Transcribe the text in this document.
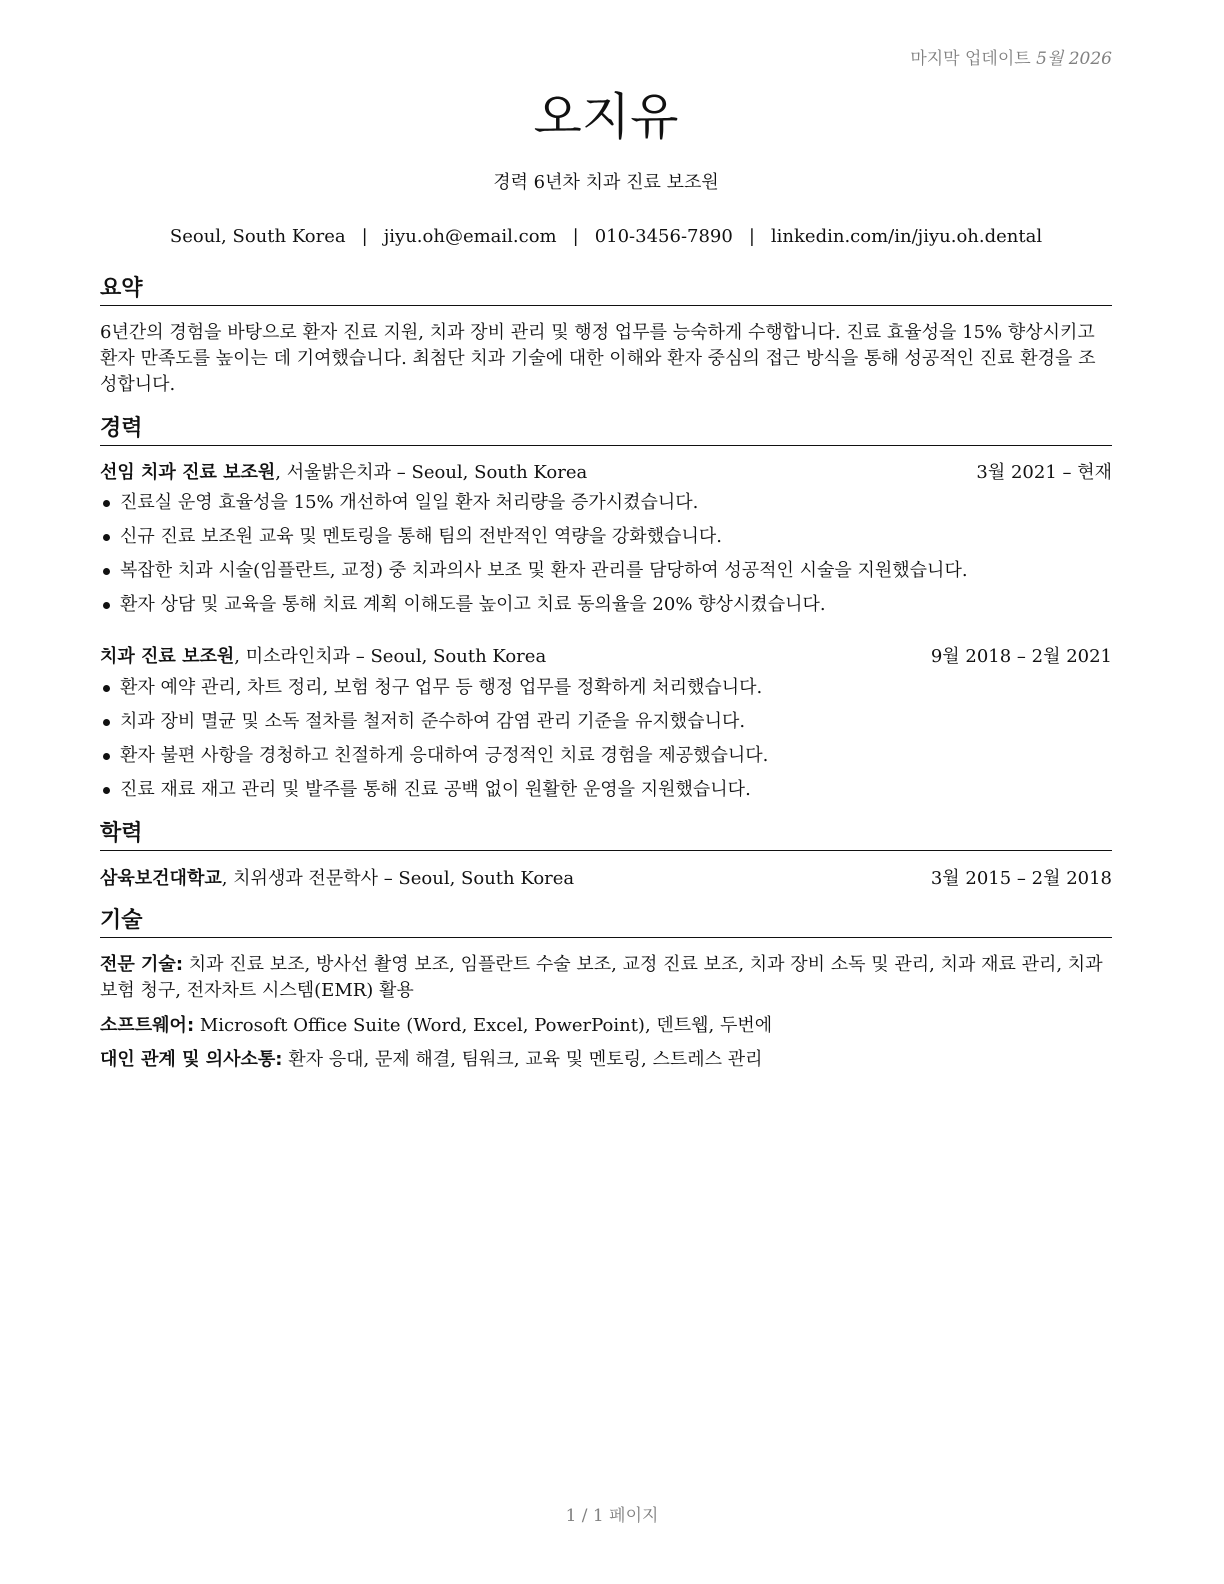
마지막 업데이트 5월 2026
오지유
경력 6년차 치과 진료 보조원
Seoul, South Korea | jiyu.oh@email.com | 010-3456-7890 | linkedin.com/in/jiyu.oh.dental
요약
6년간의 경험을 바탕으로 환자 진료 지원, 치과 장비 관리 및 행정 업무를 능숙하게 수행합니다. 진료 효율성을 15% 향상시키고 환자 만족도를 높이는 데 기여했습니다. 최첨단 치과 기술에 대한 이해와 환자 중심의 접근 방식을 통해 성공적인 진료 환경을 조성합니다.
경력
선임 치과 진료 보조원, 서울밝은치과 – Seoul, South Korea	3월 2021 – 현재
진료실 운영 효율성을 15% 개선하여 일일 환자 처리량을 증가시켰습니다.
신규 진료 보조원 교육 및 멘토링을 통해 팀의 전반적인 역량을 강화했습니다.
복잡한 치과 시술(임플란트, 교정) 중 치과의사 보조 및 환자 관리를 담당하여 성공적인 시술을 지원했습니다.
환자 상담 및 교육을 통해 치료 계획 이해도를 높이고 치료 동의율을 20% 향상시켰습니다.
치과 진료 보조원, 미소라인치과 – Seoul, South Korea	9월 2018 – 2월 2021
환자 예약 관리, 차트 정리, 보험 청구 업무 등 행정 업무를 정확하게 처리했습니다.
치과 장비 멸균 및 소독 절차를 철저히 준수하여 감염 관리 기준을 유지했습니다.
환자 불편 사항을 경청하고 친절하게 응대하여 긍정적인 치료 경험을 제공했습니다.
진료 재료 재고 관리 및 발주를 통해 진료 공백 없이 원활한 운영을 지원했습니다.
학력
삼육보건대학교, 치위생과 전문학사 – Seoul, South Korea	3월 2015 – 2월 2018
기술
전문 기술: 치과 진료 보조, 방사선 촬영 보조, 임플란트 수술 보조, 교정 진료 보조, 치과 장비 소독 및 관리, 치과 재료 관리, 치과 보험 청구, 전자차트 시스템(EMR) 활용
소프트웨어: Microsoft Office Suite (Word, Excel, PowerPoint), 덴트웹, 두번에
대인 관계 및 의사소통: 환자 응대, 문제 해결, 팀워크, 교육 및 멘토링, 스트레스 관리
1 / 1 페이지
